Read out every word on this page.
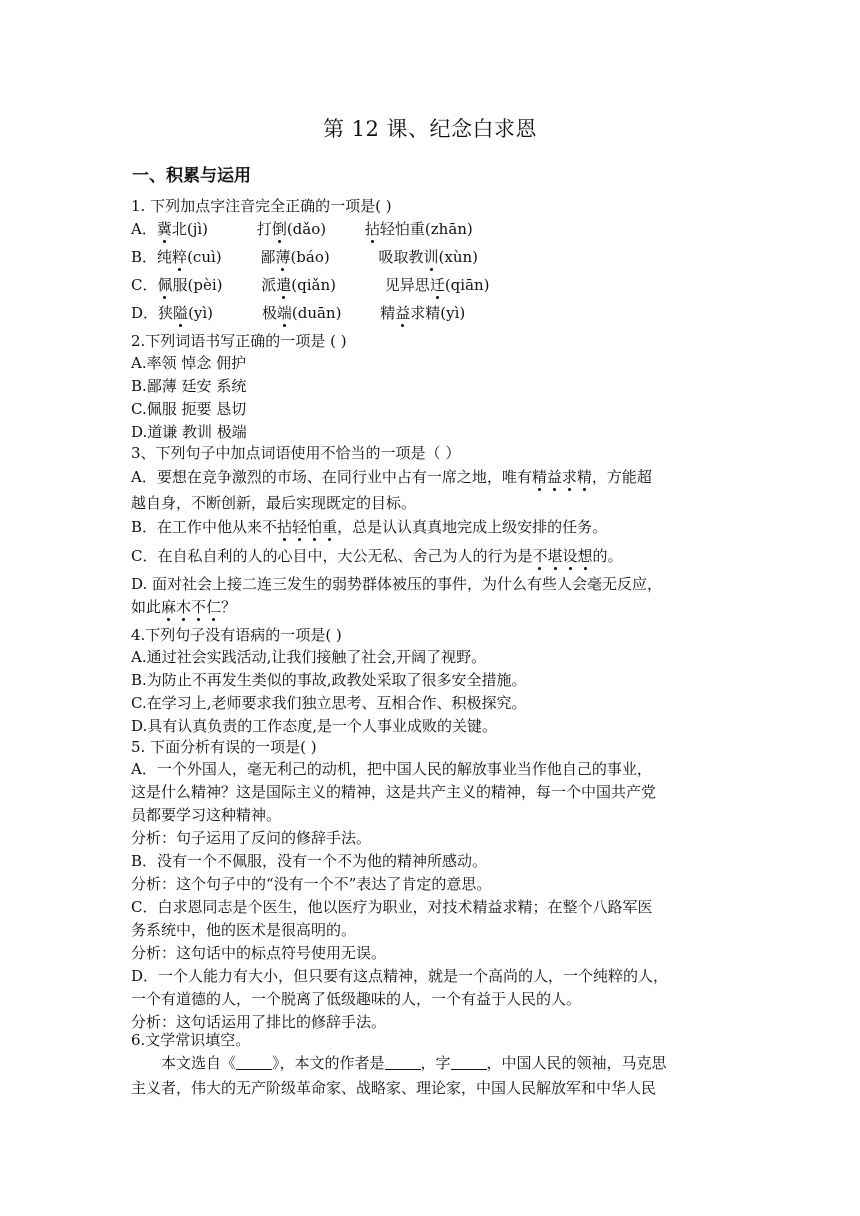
第 12 课、纪念白求恩
一、积累与运用
1. 下列加点字注音完全正确的一项是( )
A．冀北(jì)	打倒(dǎo)	拈轻怕重(zhān)
B．纯粹(cuì)	鄙薄(báo)	吸取教训(xùn)
C．佩服(pèi)	派遣(qiǎn)	见异思迁(qiān)
D．狭隘(yì)	极端(duān)	精益求精(yì)
2.下列词语书写正确的一项是 ( )
A.率领 悼念 佣护
B.鄙薄 廷安 系统
C.佩服 扼要 恳切
D.道谦 教训 极端
3、下列句子中加点词语使用不恰当的一项是（ ）
A．要想在竞争激烈的市场、在同行业中占有一席之地，唯有精益求精，方能超
越自身，不断创新，最后实现既定的目标。
B．在工作中他从来不拈轻怕重，总是认认真真地完成上级安排的任务。
C．在自私自利的人的心目中，大公无私、舍己为人的行为是不堪设想的。
D. 面对社会上接二连三发生的弱势群体被压的事件，为什么有些人会毫无反应，
如此麻木不仁？
4.下列句子没有语病的一项是( )
A.通过社会实践活动,让我们接触了社会,开阔了视野。
B.为防止不再发生类似的事故,政教处采取了很多安全措施。
C.在学习上,老师要求我们独立思考、互相合作、积极探究。
D.具有认真负责的工作态度,是一个人事业成败的关键。
5. 下面分析有误的一项是( )
A．一个外国人，毫无利己的动机，把中国人民的解放事业当作他自己的事业，
这是什么精神？这是国际主义的精神，这是共产主义的精神，每一个中国共产党
员都要学习这种精神。
分析：句子运用了反问的修辞手法。
B．没有一个不佩服，没有一个不为他的精神所感动。
分析：这个句子中的“没有一个不”表达了肯定的意思。
C．白求恩同志是个医生，他以医疗为职业，对技术精益求精；在整个八路军医
务系统中，他的医术是很高明的。
分析：这句话中的标点符号使用无误。
D．一个人能力有大小，但只要有这点精神，就是一个高尚的人，一个纯粹的人，
一个有道德的人，一个脱离了低级趣味的人，一个有益于人民的人。
分析：这句话运用了排比的修辞手法。
6.文学常识填空。
本文选自《 》，本文的作者是 ，字 ，中国人民的领袖，马克思
主义者，伟大的无产阶级革命家、战略家、理论家，中国人民解放军和中华人民
